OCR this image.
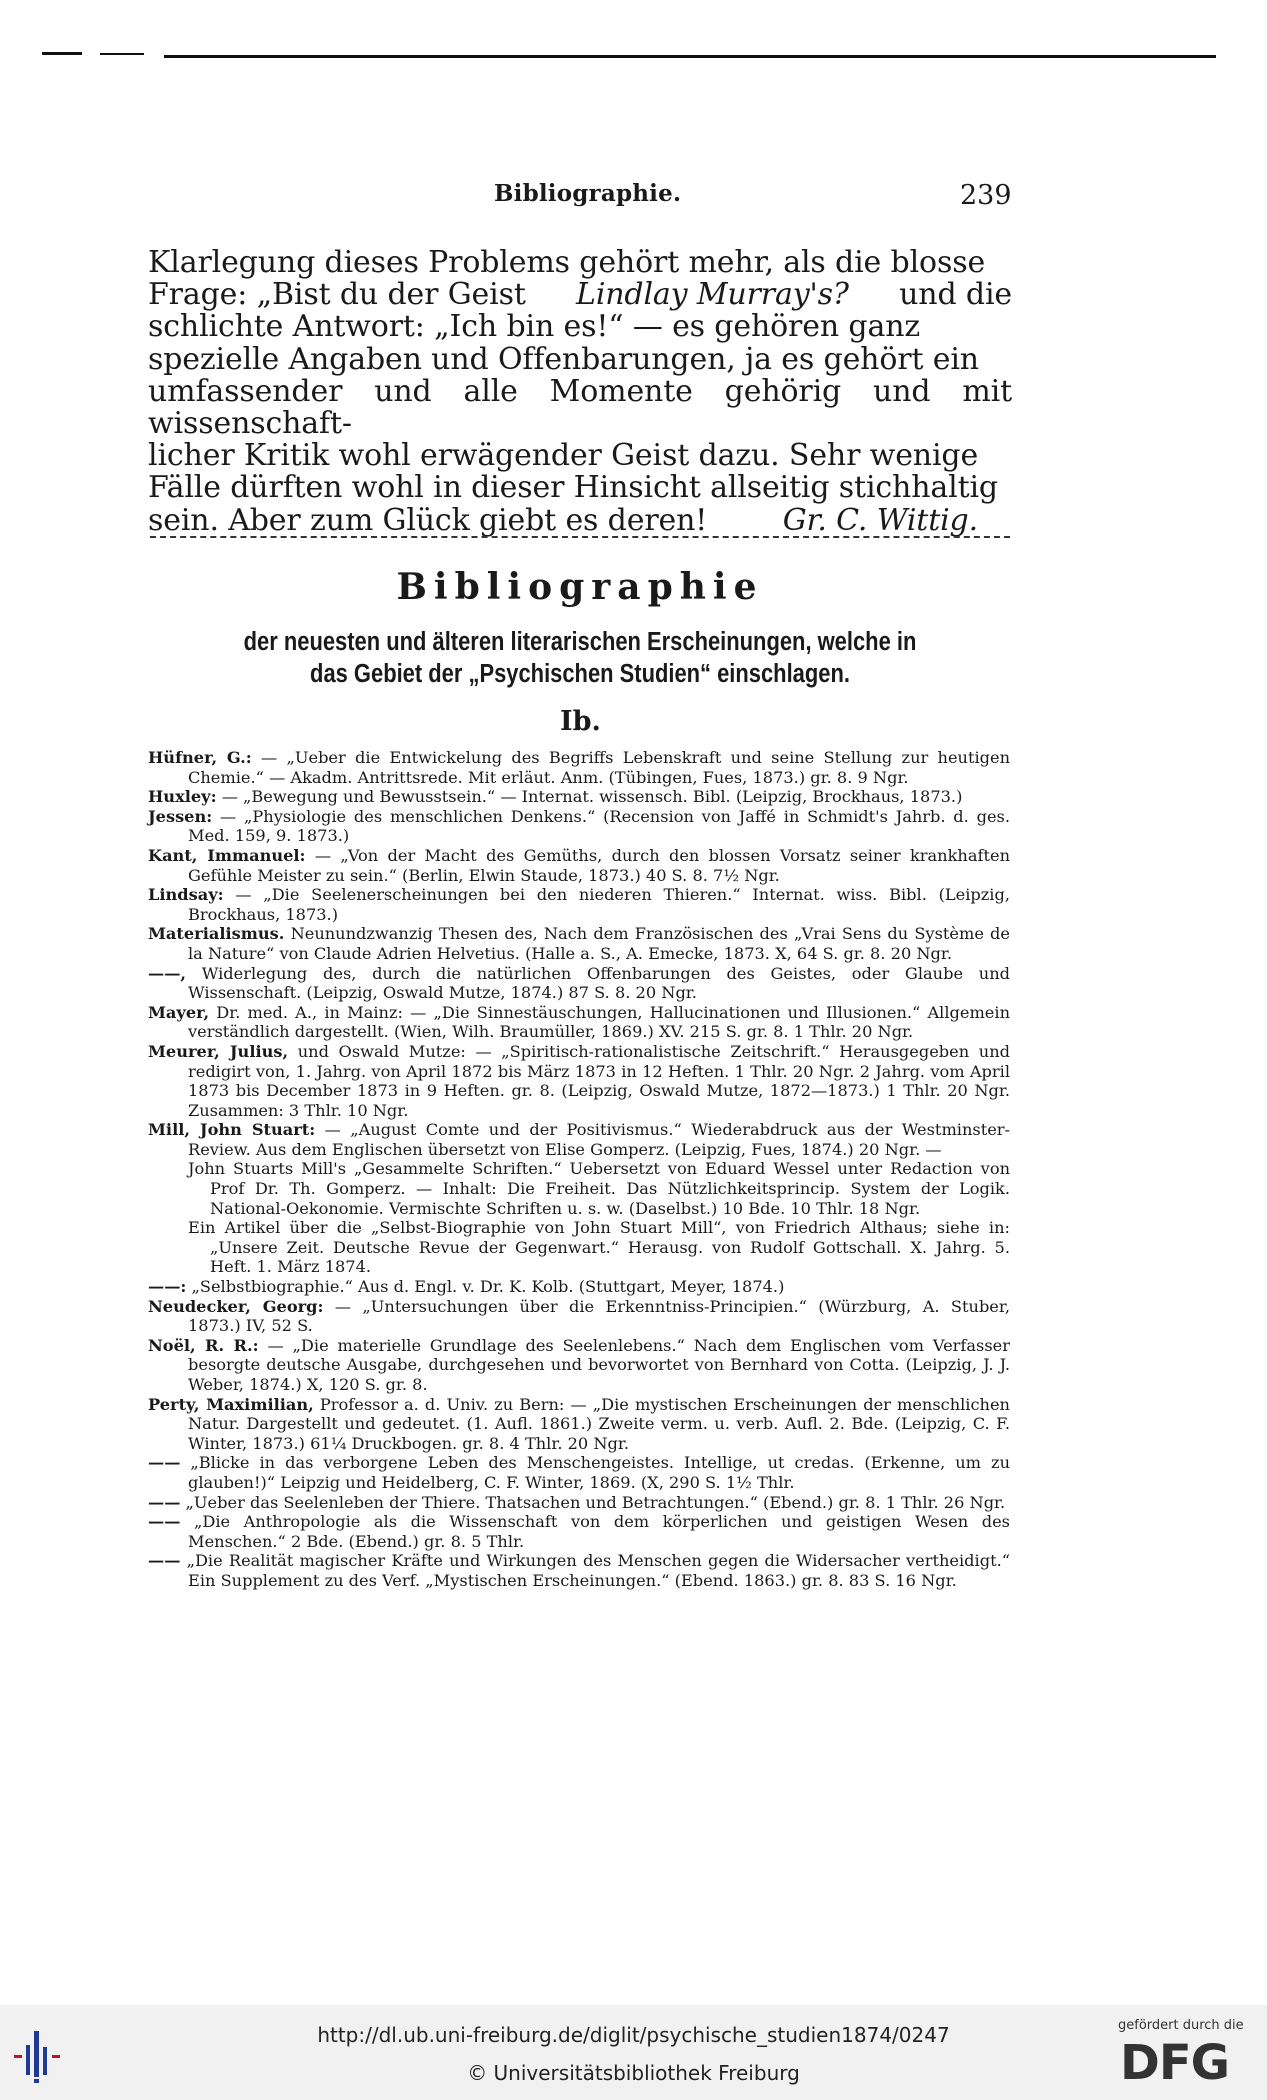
Bibliographie.	239
Klarlegung dieses Problems gehört mehr, als die blosse
Frage: „Bist du der Geist Lindlay Murray's? und die
schlichte Antwort: „Ich bin es!“ — es gehören ganz
spezielle Angaben und Offenbarungen, ja es gehört ein
umfassender und alle Momente gehörig und mit wissenschaft-
licher Kritik wohl erwägender Geist dazu. Sehr wenige
Fälle dürften wohl in dieser Hinsicht allseitig stichhaltig
sein. Aber zum Glück giebt es deren!	Gr. C. Wittig.
Bibliographie
der neuesten und älteren literarischen Erscheinungen, welche in
das Gebiet der „Psychischen Studien“ einschlagen.
Ib.
Hüfner, G.: — „Ueber die Entwickelung des Begriffs Lebenskraft und seine Stellung zur heutigen Chemie.“ — Akadm. Antrittsrede. Mit erläut. Anm. (Tübingen, Fues, 1873.) gr. 8. 9 Ngr.
Huxley: — „Bewegung und Bewusstsein.“ — Internat. wissensch. Bibl. (Leipzig, Brockhaus, 1873.)
Jessen: — „Physiologie des menschlichen Denkens.“ (Recension von Jaffé in Schmidt's Jahrb. d. ges. Med. 159, 9. 1873.)
Kant, Immanuel: — „Von der Macht des Gemüths, durch den blossen Vorsatz seiner krankhaften Gefühle Meister zu sein.“ (Berlin, Elwin Staude, 1873.) 40 S. 8. 7½ Ngr.
Lindsay: — „Die Seelenerscheinungen bei den niederen Thieren.“ Internat. wiss. Bibl. (Leipzig, Brockhaus, 1873.)
Materialismus. Neunundzwanzig Thesen des, Nach dem Französischen des „Vrai Sens du Système de la Nature“ von Claude Adrien Helvetius. (Halle a. S., A. Emecke, 1873. X, 64 S. gr. 8. 20 Ngr.
——, Widerlegung des, durch die natürlichen Offenbarungen des Geistes, oder Glaube und Wissenschaft. (Leipzig, Oswald Mutze, 1874.) 87 S. 8. 20 Ngr.
Mayer, Dr. med. A., in Mainz: — „Die Sinnestäuschungen, Hallucinationen und Illusionen.“ Allgemein verständlich dargestellt. (Wien, Wilh. Braumüller, 1869.) XV. 215 S. gr. 8. 1 Thlr. 20 Ngr.
Meurer, Julius, und Oswald Mutze: — „Spiritisch-rationalistische Zeitschrift.“ Herausgegeben und redigirt von, 1. Jahrg. von April 1872 bis März 1873 in 12 Heften. 1 Thlr. 20 Ngr. 2 Jahrg. vom April 1873 bis December 1873 in 9 Heften. gr. 8. (Leipzig, Oswald Mutze, 1872—1873.) 1 Thlr. 20 Ngr. Zusammen: 3 Thlr. 10 Ngr.
Mill, John Stuart: — „August Comte und der Positivismus.“ Wiederabdruck aus der Westminster-Review. Aus dem Englischen übersetzt von Elise Gomperz. (Leipzig, Fues, 1874.) 20 Ngr. —
John Stuarts Mill's „Gesammelte Schriften.“ Uebersetzt von Eduard Wessel unter Redaction von Prof Dr. Th. Gomperz. — Inhalt: Die Freiheit. Das Nützlichkeitsprincip. System der Logik. National-Oekonomie. Vermischte Schriften u. s. w. (Daselbst.) 10 Bde. 10 Thlr. 18 Ngr.
Ein Artikel über die „Selbst-Biographie von John Stuart Mill“, von Friedrich Althaus; siehe in: „Unsere Zeit. Deutsche Revue der Gegenwart.“ Herausg. von Rudolf Gottschall. X. Jahrg. 5. Heft. 1. März 1874.
——: „Selbstbiographie.“ Aus d. Engl. v. Dr. K. Kolb. (Stuttgart, Meyer, 1874.)
Neudecker, Georg: — „Untersuchungen über die Erkenntniss-Principien.“ (Würzburg, A. Stuber, 1873.) IV, 52 S.
Noël, R. R.: — „Die materielle Grundlage des Seelenlebens.“ Nach dem Englischen vom Verfasser besorgte deutsche Ausgabe, durchgesehen und bevorwortet von Bernhard von Cotta. (Leipzig, J. J. Weber, 1874.) X, 120 S. gr. 8.
Perty, Maximilian, Professor a. d. Univ. zu Bern: — „Die mystischen Erscheinungen der menschlichen Natur. Dargestellt und gedeutet. (1. Aufl. 1861.) Zweite verm. u. verb. Aufl. 2. Bde. (Leipzig, C. F. Winter, 1873.) 61¼ Druckbogen. gr. 8. 4 Thlr. 20 Ngr.
—— „Blicke in das verborgene Leben des Menschengeistes. Intellige, ut credas. (Erkenne, um zu glauben!)“ Leipzig und Heidelberg, C. F. Winter, 1869. (X, 290 S. 1½ Thlr.
—— „Ueber das Seelenleben der Thiere. Thatsachen und Betrachtungen.“ (Ebend.) gr. 8. 1 Thlr. 26 Ngr.
—— „Die Anthropologie als die Wissenschaft von dem körperlichen und geistigen Wesen des Menschen.“ 2 Bde. (Ebend.) gr. 8. 5 Thlr.
—— „Die Realität magischer Kräfte und Wirkungen des Menschen gegen die Widersacher vertheidigt.“ Ein Supplement zu des Verf. „Mystischen Erscheinungen.“ (Ebend. 1863.) gr. 8. 83 S. 16 Ngr.
http://dl.ub.uni-freiburg.de/diglit/psychische_studien1874/0247
© Universitätsbibliothek Freiburg
gefördert durch die
DFG
